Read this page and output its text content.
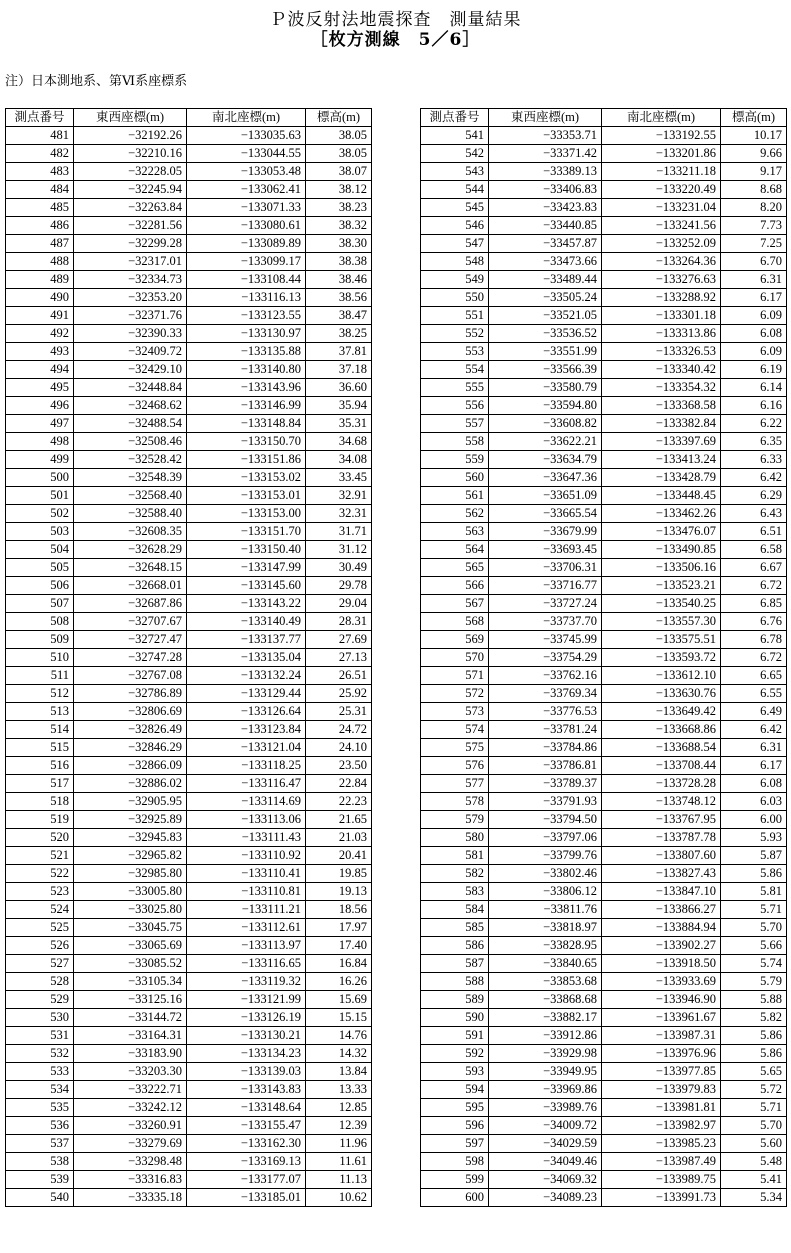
Ｐ波反射法地震探査　測量結果
［枚方測線　5／6］
注）日本測地系、第Ⅵ系座標系
測点番号	東西座標(m)	南北座標(m)	標高(m)
481	−32192.26	−133035.63	38.05
482	−32210.16	−133044.55	38.05
483	−32228.05	−133053.48	38.07
484	−32245.94	−133062.41	38.12
485	−32263.84	−133071.33	38.23
486	−32281.56	−133080.61	38.32
487	−32299.28	−133089.89	38.30
488	−32317.01	−133099.17	38.38
489	−32334.73	−133108.44	38.46
490	−32353.20	−133116.13	38.56
491	−32371.76	−133123.55	38.47
492	−32390.33	−133130.97	38.25
493	−32409.72	−133135.88	37.81
494	−32429.10	−133140.80	37.18
495	−32448.84	−133143.96	36.60
496	−32468.62	−133146.99	35.94
497	−32488.54	−133148.84	35.31
498	−32508.46	−133150.70	34.68
499	−32528.42	−133151.86	34.08
500	−32548.39	−133153.02	33.45
501	−32568.40	−133153.01	32.91
502	−32588.40	−133153.00	32.31
503	−32608.35	−133151.70	31.71
504	−32628.29	−133150.40	31.12
505	−32648.15	−133147.99	30.49
506	−32668.01	−133145.60	29.78
507	−32687.86	−133143.22	29.04
508	−32707.67	−133140.49	28.31
509	−32727.47	−133137.77	27.69
510	−32747.28	−133135.04	27.13
511	−32767.08	−133132.24	26.51
512	−32786.89	−133129.44	25.92
513	−32806.69	−133126.64	25.31
514	−32826.49	−133123.84	24.72
515	−32846.29	−133121.04	24.10
516	−32866.09	−133118.25	23.50
517	−32886.02	−133116.47	22.84
518	−32905.95	−133114.69	22.23
519	−32925.89	−133113.06	21.65
520	−32945.83	−133111.43	21.03
521	−32965.82	−133110.92	20.41
522	−32985.80	−133110.41	19.85
523	−33005.80	−133110.81	19.13
524	−33025.80	−133111.21	18.56
525	−33045.75	−133112.61	17.97
526	−33065.69	−133113.97	17.40
527	−33085.52	−133116.65	16.84
528	−33105.34	−133119.32	16.26
529	−33125.16	−133121.99	15.69
530	−33144.72	−133126.19	15.15
531	−33164.31	−133130.21	14.76
532	−33183.90	−133134.23	14.32
533	−33203.30	−133139.03	13.84
534	−33222.71	−133143.83	13.33
535	−33242.12	−133148.64	12.85
536	−33260.91	−133155.47	12.39
537	−33279.69	−133162.30	11.96
538	−33298.48	−133169.13	11.61
539	−33316.83	−133177.07	11.13
540	−33335.18	−133185.01	10.62
測点番号	東西座標(m)	南北座標(m)	標高(m)
541	−33353.71	−133192.55	10.17
542	−33371.42	−133201.86	9.66
543	−33389.13	−133211.18	9.17
544	−33406.83	−133220.49	8.68
545	−33423.83	−133231.04	8.20
546	−33440.85	−133241.56	7.73
547	−33457.87	−133252.09	7.25
548	−33473.66	−133264.36	6.70
549	−33489.44	−133276.63	6.31
550	−33505.24	−133288.92	6.17
551	−33521.05	−133301.18	6.09
552	−33536.52	−133313.86	6.08
553	−33551.99	−133326.53	6.09
554	−33566.39	−133340.42	6.19
555	−33580.79	−133354.32	6.14
556	−33594.80	−133368.58	6.16
557	−33608.82	−133382.84	6.22
558	−33622.21	−133397.69	6.35
559	−33634.79	−133413.24	6.33
560	−33647.36	−133428.79	6.42
561	−33651.09	−133448.45	6.29
562	−33665.54	−133462.26	6.43
563	−33679.99	−133476.07	6.51
564	−33693.45	−133490.85	6.58
565	−33706.31	−133506.16	6.67
566	−33716.77	−133523.21	6.72
567	−33727.24	−133540.25	6.85
568	−33737.70	−133557.30	6.76
569	−33745.99	−133575.51	6.78
570	−33754.29	−133593.72	6.72
571	−33762.16	−133612.10	6.65
572	−33769.34	−133630.76	6.55
573	−33776.53	−133649.42	6.49
574	−33781.24	−133668.86	6.42
575	−33784.86	−133688.54	6.31
576	−33786.81	−133708.44	6.17
577	−33789.37	−133728.28	6.08
578	−33791.93	−133748.12	6.03
579	−33794.50	−133767.95	6.00
580	−33797.06	−133787.78	5.93
581	−33799.76	−133807.60	5.87
582	−33802.46	−133827.43	5.86
583	−33806.12	−133847.10	5.81
584	−33811.76	−133866.27	5.71
585	−33818.97	−133884.94	5.70
586	−33828.95	−133902.27	5.66
587	−33840.65	−133918.50	5.74
588	−33853.68	−133933.69	5.79
589	−33868.68	−133946.90	5.88
590	−33882.17	−133961.67	5.82
591	−33912.86	−133987.31	5.86
592	−33929.98	−133976.96	5.86
593	−33949.95	−133977.85	5.65
594	−33969.86	−133979.83	5.72
595	−33989.76	−133981.81	5.71
596	−34009.72	−133982.97	5.70
597	−34029.59	−133985.23	5.60
598	−34049.46	−133987.49	5.48
599	−34069.32	−133989.75	5.41
600	−34089.23	−133991.73	5.34
